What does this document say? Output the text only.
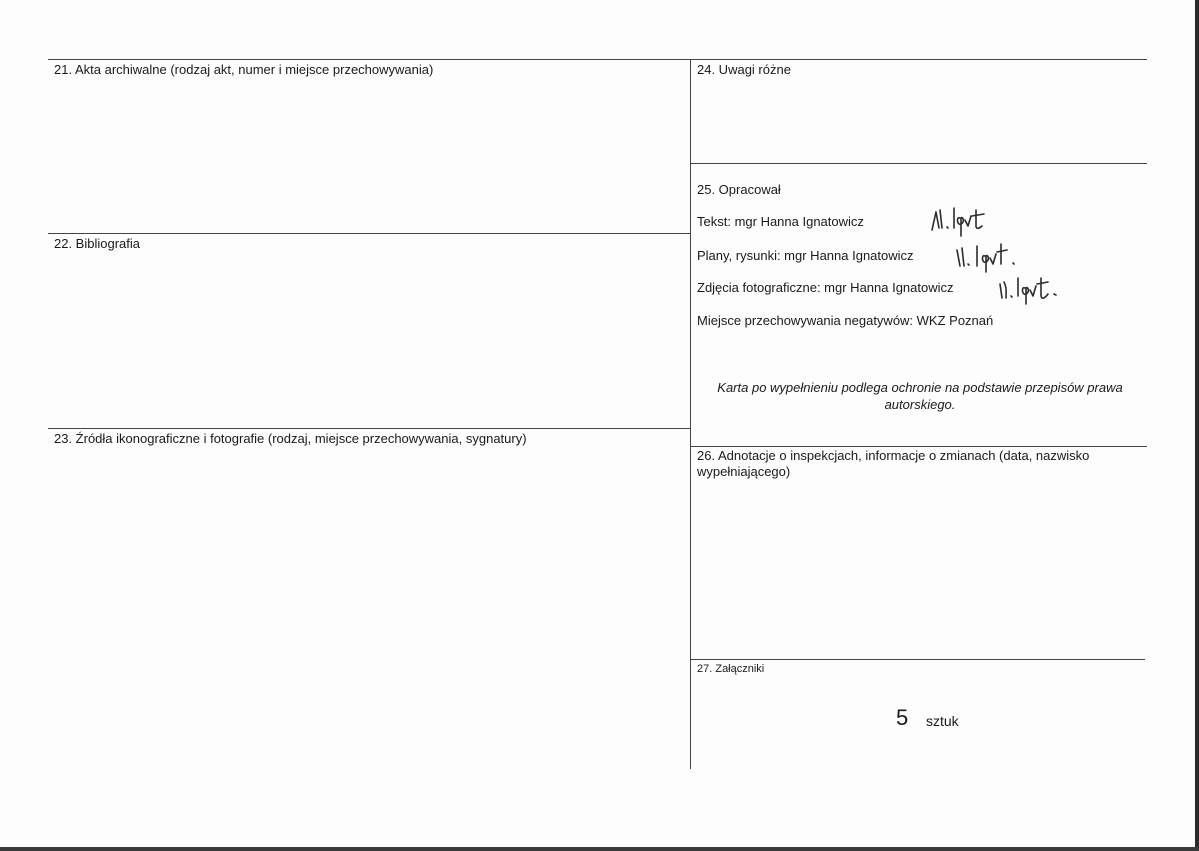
21. Akta archiwalne (rodzaj akt, numer i miejsce przechowywania)
22. Bibliografia
23. Źródła ikonograficzne i fotografie (rodzaj, miejsce przechowywania, sygnatury)
24. Uwagi różne
25. Opracował
Tekst: mgr Hanna Ignatowicz
Plany, rysunki: mgr Hanna Ignatowicz
Zdjęcia fotograficzne: mgr Hanna Ignatowicz
Miejsce przechowywania negatywów: WKZ Poznań
Karta po wypełnieniu podlega ochronie na podstawie przepisów prawa autorskiego.
26. Adnotacje o inspekcjach, informacje o zmianach (data, nazwisko wypełniającego)
27. Załączniki
5 sztuk
